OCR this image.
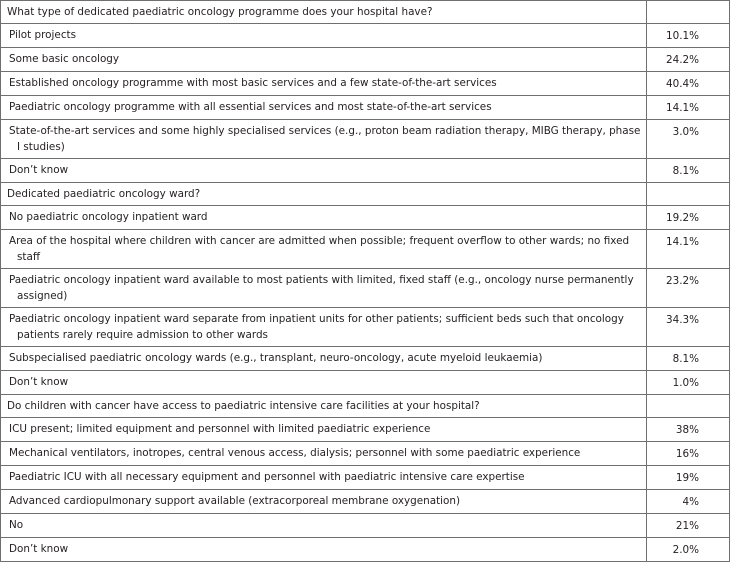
What type of dedicated paediatric oncology programme does your hospital have?	
Pilot projects	10.1%
Some basic oncology	24.2%
Established oncology programme with most basic services and a few state-of-the-art services	40.4%
Paediatric oncology programme with all essential services and most state-of-the-art services	14.1%
State-of-the-art services and some highly specialised services (e.g., proton beam radiation therapy, MIBG therapy, phase I studies)	3.0%
Don’t know	8.1%
Dedicated paediatric oncology ward?	
No paediatric oncology inpatient ward	19.2%
Area of the hospital where children with cancer are admitted when possible; frequent overflow to other wards; no fixed staff	14.1%
Paediatric oncology inpatient ward available to most patients with limited, fixed staff (e.g., oncology nurse permanently assigned)	23.2%
Paediatric oncology inpatient ward separate from inpatient units for other patients; sufficient beds such that oncology patients rarely require admission to other wards	34.3%
Subspecialised paediatric oncology wards (e.g., transplant, neuro-oncology, acute myeloid leukaemia)	8.1%
Don’t know	1.0%
Do children with cancer have access to paediatric intensive care facilities at your hospital?	
ICU present; limited equipment and personnel with limited paediatric experience	38%
Mechanical ventilators, inotropes, central venous access, dialysis; personnel with some paediatric experience	16%
Paediatric ICU with all necessary equipment and personnel with paediatric intensive care expertise	19%
Advanced cardiopulmonary support available (extracorporeal membrane oxygenation)	4%
No	21%
Don’t know	2.0%
